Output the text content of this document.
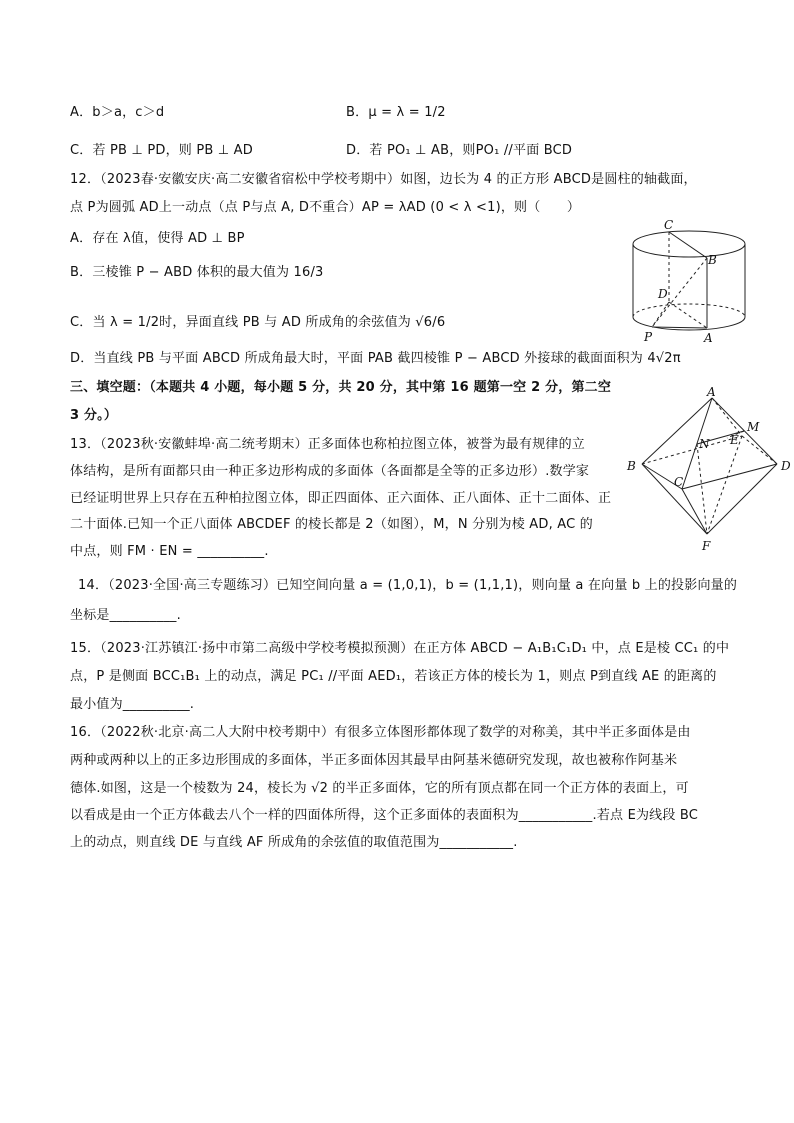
A．b＞a，c＞d	B．μ = λ = 1/2
C．若 PB ⊥ PD，则 PB ⊥ AD	D．若 PO₁ ⊥ AB，则PO₁ //平面 BCD
12．（2023春·安徽安庆·高二安徽省宿松中学校考期中）如图，边长为 4 的正方形 ABCD是圆柱的轴截面，
点 P为圆弧 AD上一动点（点 P与点 A, D不重合）AP = λAD (0 < λ <1)，则（　　）
A．存在 λ值，使得 AD ⊥ BP
B．三棱锥 P − ABD 体积的最大值为 16/3
C．当 λ = 1/2时，异面直线 PB 与 AD 所成角的余弦值为 √6/6
D．当直线 PB 与平面 ABCD 所成角最大时，平面 PAB 截四棱锥 P − ABCD 外接球的截面面积为 4√2π
C
B
D
P	A
三、填空题：（本题共 4 小题，每小题 5 分，共 20 分，其中第 16 题第一空 2 分，第二空
3 分。）
13．（2023秋·安徽蚌埠·高二统考期末）正多面体也称柏拉图立体，被誉为最有规律的立
体结构，是所有面都只由一种正多边形构成的多面体（各面都是全等的正多边形）.数学家
已经证明世界上只存在五种柏拉图立体，即正四面体、正六面体、正八面体、正十二面体、正
二十面体.已知一个正八面体 ABCDEF 的棱长都是 2（如图），M，N 分别为棱 AD, AC 的
中点，则 FM · EN = __________.
A
M
E
N
B	D
C
F
14．（2023·全国·高三专题练习）已知空间向量 a = (1,0,1)，b = (1,1,1)，则向量 a 在向量 b 上的投影向量的
坐标是__________.
15．（2023·江苏镇江·扬中市第二高级中学校考模拟预测）在正方体 ABCD − A₁B₁C₁D₁ 中，点 E是棱 CC₁ 的中
点，P 是侧面 BCC₁B₁ 上的动点，满足 PC₁ //平面 AED₁，若该正方体的棱长为 1，则点 P到直线 AE 的距离的
最小值为__________.
16．（2022秋·北京·高二人大附中校考期中）有很多立体图形都体现了数学的对称美，其中半正多面体是由
两种或两种以上的正多边形围成的多面体，半正多面体因其最早由阿基米德研究发现，故也被称作阿基米
德体.如图，这是一个棱数为 24，棱长为 √2 的半正多面体，它的所有顶点都在同一个正方体的表面上，可
以看成是由一个正方体截去八个一样的四面体所得，这个正多面体的表面积为___________.若点 E为线段 BC
上的动点，则直线 DE 与直线 AF 所成角的余弦值的取值范围为___________.
